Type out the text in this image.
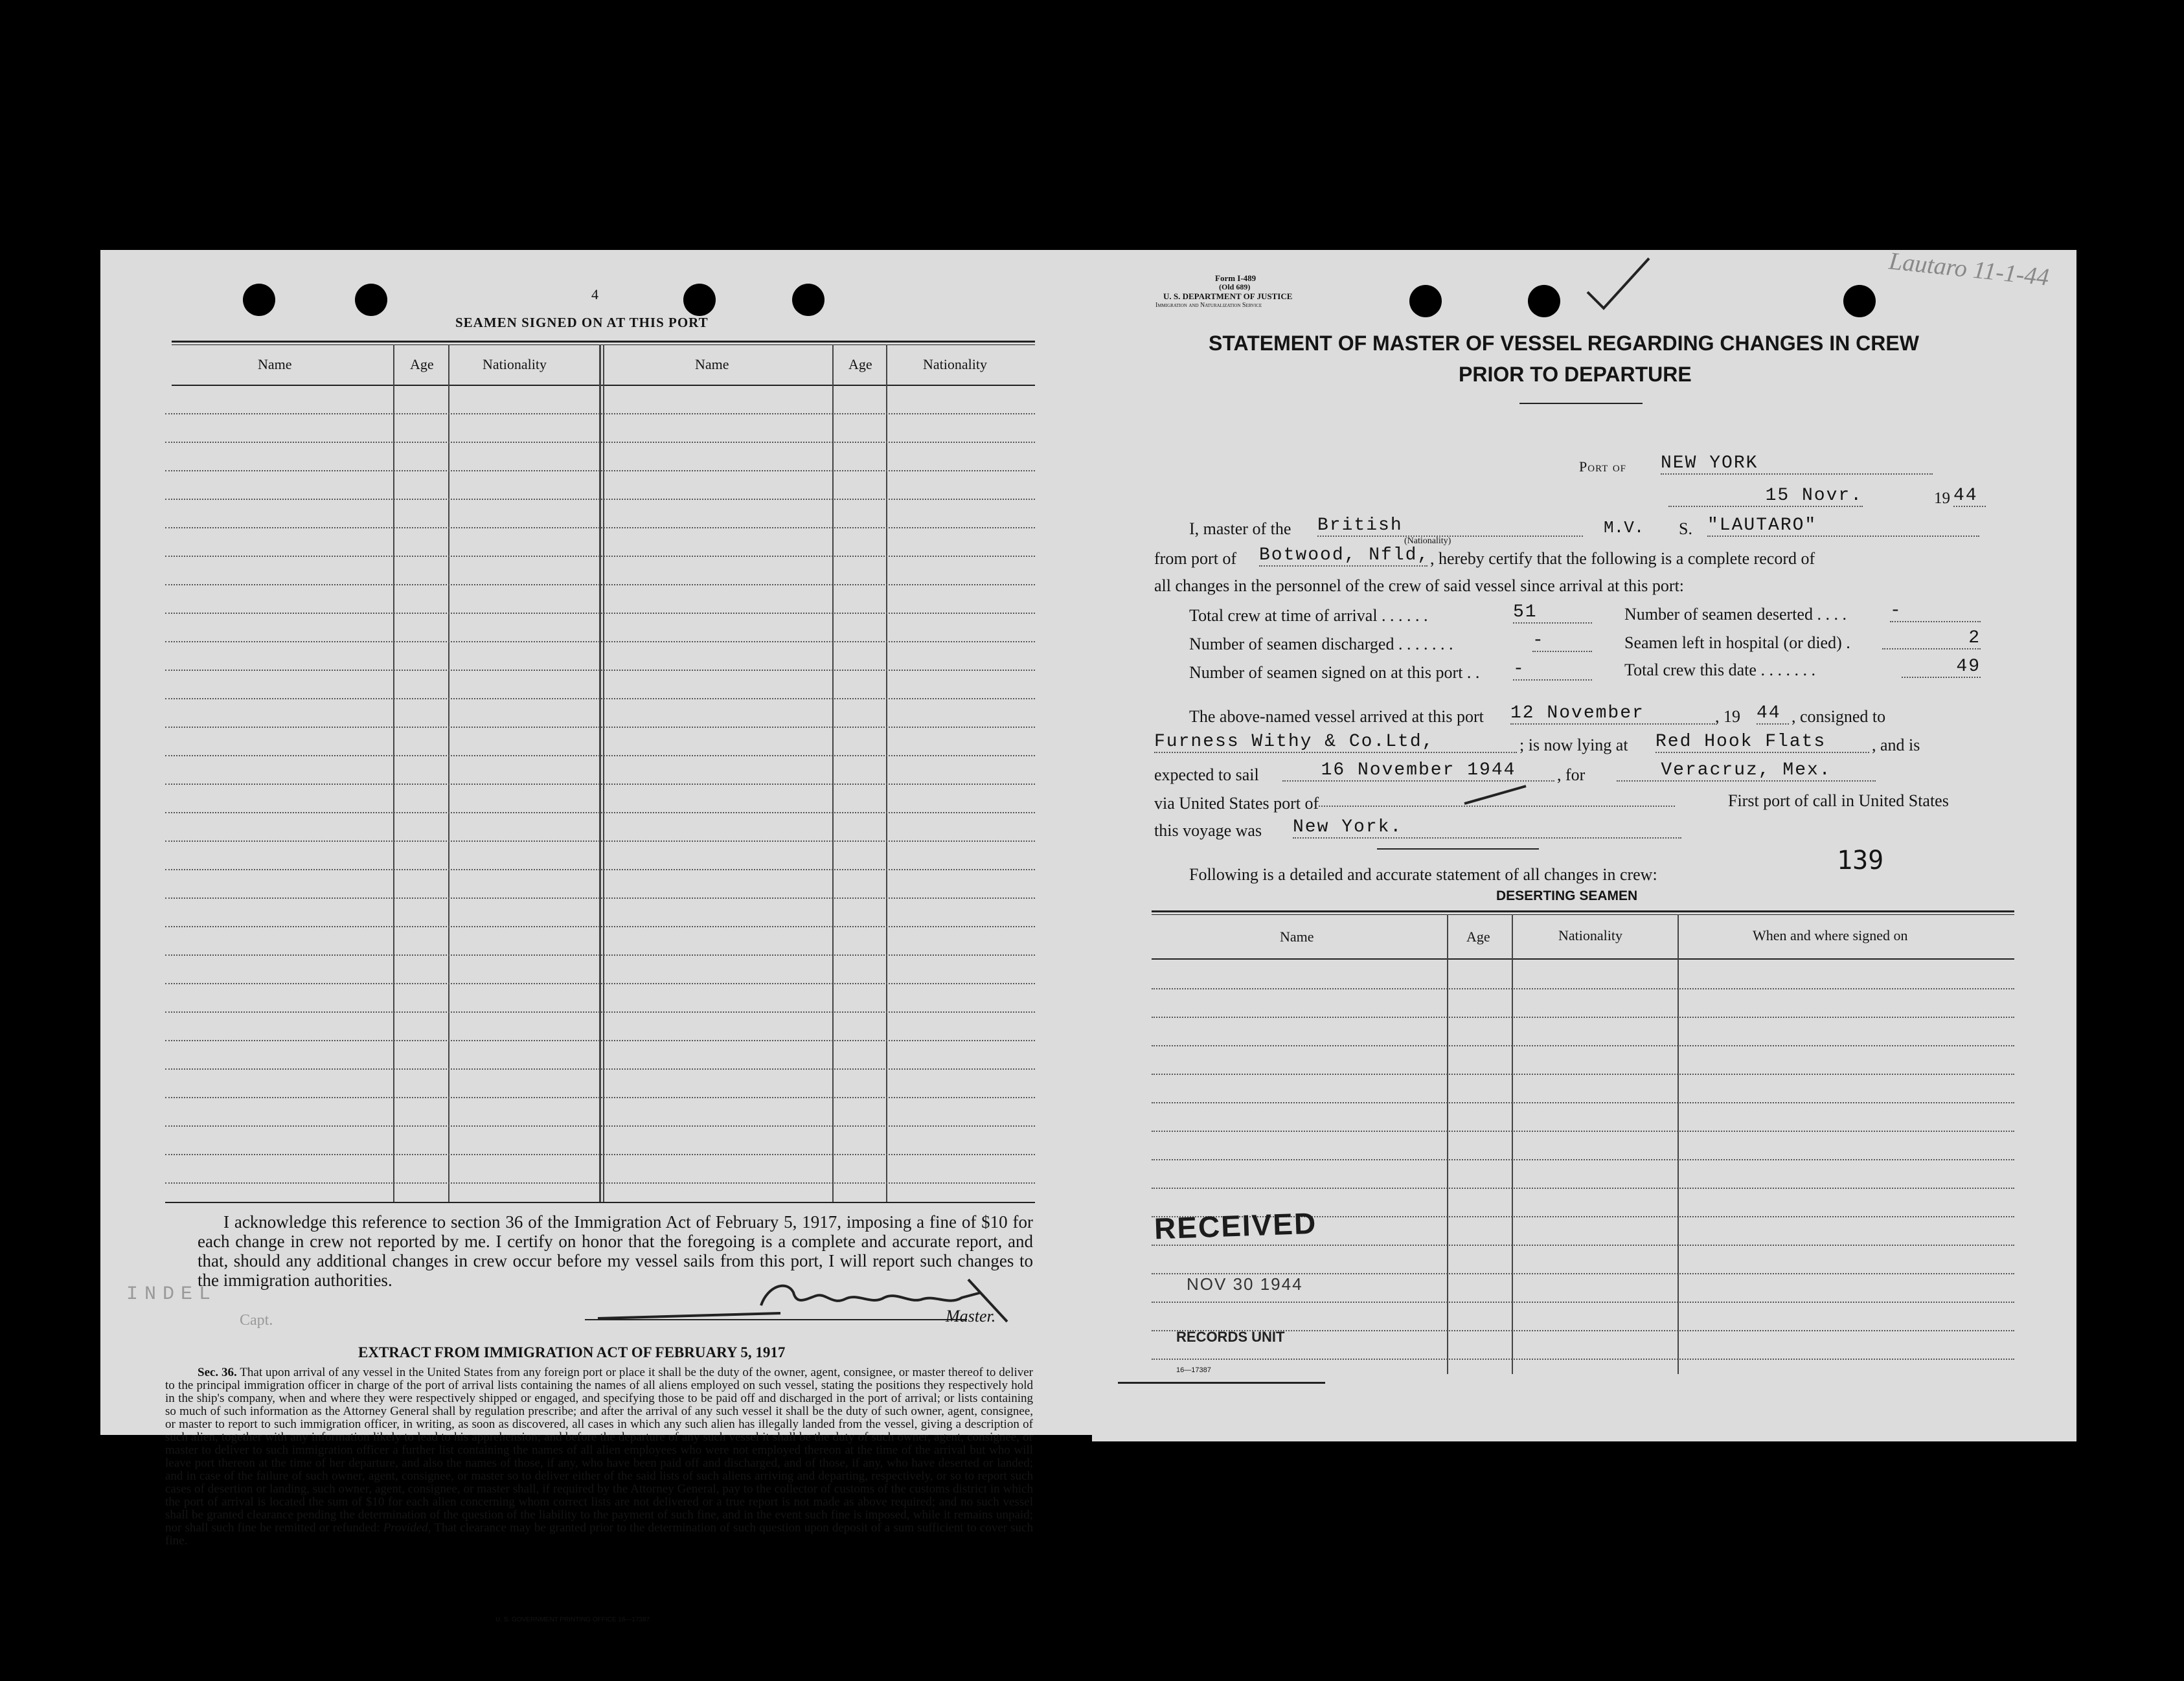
4
SEAMEN SIGNED ON AT THIS PORT
Name	Age	Nationality	Name	Age	Nationality
I acknowledge this reference to section 36 of the Immigration Act of February 5, 1917, imposing a fine of $10 for each change in crew not reported by me. I certify on honor that the foregoing is a complete and accurate report, and that, should any additional changes in crew occur before my vessel sails from this port, I will report such changes to the immigration authorities.
INDEL
Capt.	Master.
EXTRACT FROM IMMIGRATION ACT OF FEBRUARY 5, 1917
Sec. 36. That upon arrival of any vessel in the United States from any foreign port or place it shall be the duty of the owner, agent, consignee, or master thereof to deliver to the principal immigration officer in charge of the port of arrival lists containing the names of all aliens employed on such vessel, stating the positions they respectively hold in the ship's company, when and where they were respectively shipped or engaged, and specifying those to be paid off and discharged in the port of arrival; or lists containing so much of such information as the Attorney General shall by regulation prescribe; and after the arrival of any such vessel it shall be the duty of such owner, agent, consignee, or master to report to such immigration officer, in writing, as soon as discovered, all cases in which any such alien has illegally landed from the vessel, giving a description of such alien, together with any information likely to lead to his apprehension; and before the departure of any such vessel it shall be the duty of such owner, agent, consignee, or master to deliver to such immigration officer a further list containing the names of all alien employees who were not employed thereon at the time of the arrival but who will leave port thereon at the time of her departure, and also the names of those, if any, who have been paid off and discharged, and of those, if any, who have deserted or landed; and in case of the failure of such owner, agent, consignee, or master so to deliver either of the said lists of such aliens arriving and departing, respectively, or so to report such cases of desertion or landing, such owner, agent, consignee, or master shall, if required by the Attorney General, pay to the collector of customs of the customs district in which the port of arrival is located the sum of $10 for each alien concerning whom correct lists are not delivered or a true report is not made as above required; and no such vessel shall be granted clearance pending the determination of the question of the liability to the payment of such fine, and in the event such fine is imposed, while it remains unpaid; nor shall such fine be remitted or refunded: Provided, That clearance may be granted prior to the determination of such question upon deposit of a sum sufficient to cover such fine.
U. S. GOVERNMENT PRINTING OFFICE 16—17387
Lautaro 11-1-44
Form I-489
(Old 689)
U. S. DEPARTMENT OF JUSTICE
Immigration and Naturalization Service
STATEMENT OF MASTER OF VESSEL REGARDING CHANGES IN CREW
PRIOR TO DEPARTURE
Port of NEW YORK
15 Novr.	19 44
I, master of the British	M.V. S. "LAUTARO"
(Nationality)
from port of Botwood, Nfld, , hereby certify that the following is a complete record of
all changes in the personnel of the crew of said vessel since arrival at this port:
Total crew at time of arrival . . . . . .	51	Number of seamen deserted . . . . -
Number of seamen discharged . . . . . . .	-	Seamen left in hospital (or died) .	2
Number of seamen signed on at this port . . -	Total crew this date . . . . . . .	49
The above-named vessel arrived at this port 12 November	, 19 44 , consigned to
Furness Withy & Co.Ltd,	; is now lying at Red Hook Flats	, and is
expected to sail	16 November 1944	, for	Veracruz, Mex.
via United States port of	First port of call in United States
this voyage was New York.
Following is a detailed and accurate statement of all changes in crew:	139
DESERTING SEAMEN
Name	Age	Nationality	When and where signed on
RECEIVED
NOV 30 1944
RECORDS UNIT
16—17387
